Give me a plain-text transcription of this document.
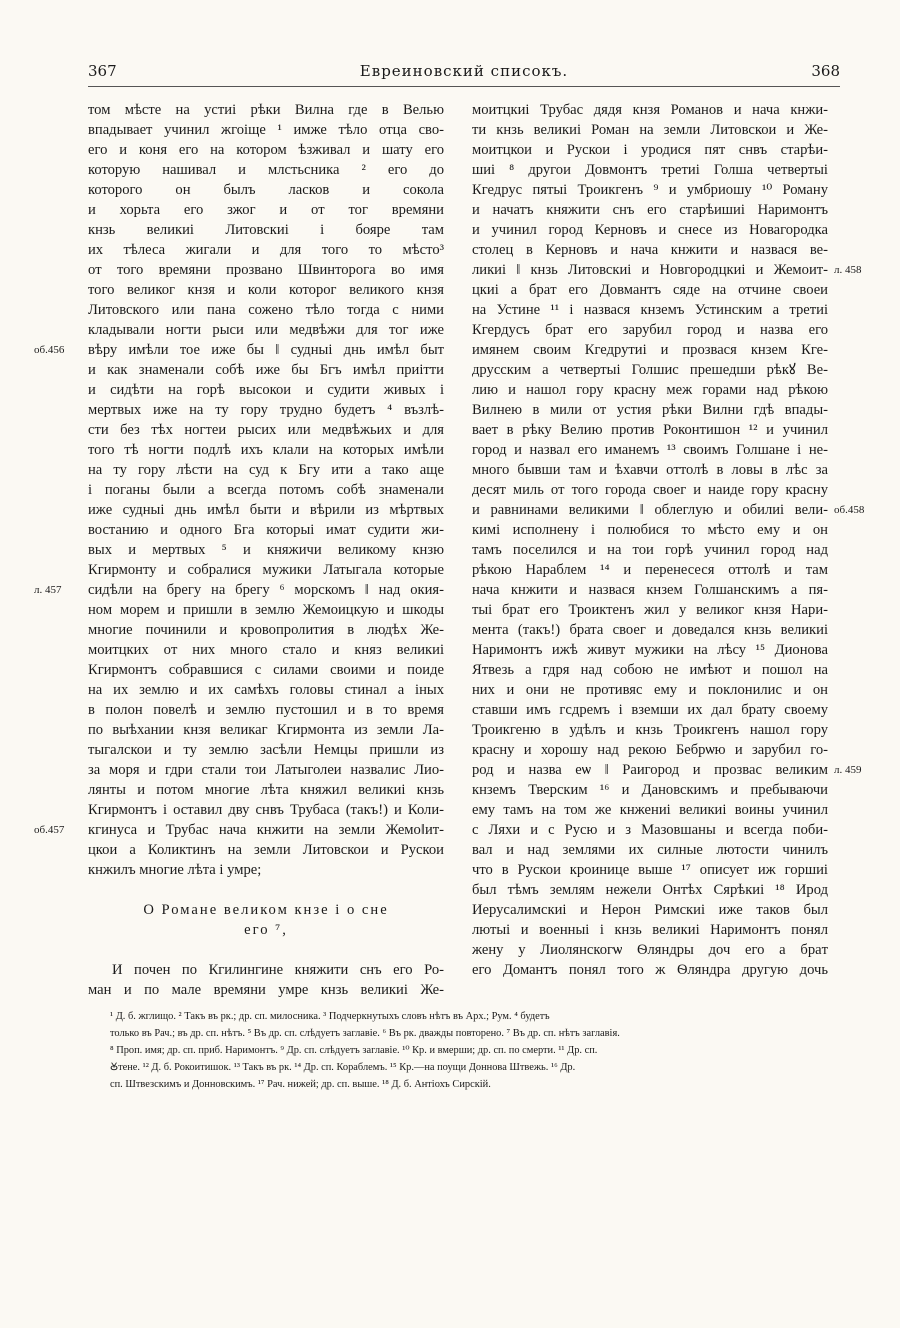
367	Евреиновский списокъ.	368
том мѣсте на устиі рѣки Вилна где в Велью
впадываеᴛ учинил жгоіще ¹ имже тѣло оᴛца сво-
его и коня его на котором ѣзживал и шату его
которую нашивал и млстьсника ² его до
которого он былъ ласков и сокола
и хорьта его зжог и ᴏᴛ тог времяни
кнзь великиі Литовскиі і бояре там
их тѣлеса жигали и для того то мѣсто³
ᴏᴛ того времяни прозвано Швинторога во имя
того великог кнзя и коли которог великого кнзя
Литовского или пана сожено тѣло тогда с ними
кладывали ногти рыси или медвѣжи для тог иже
вѣру имѣли тое иже бы ‖ судныі днь имѣл быᴛ
об.456
и как знаменали собѣ иже бы Бгъ имѣл приітти
и сидѣти на горѣ высокои и судити живых і
мертвых иже на ту гору трудно будетъ ⁴ възлѣ-
сти без тѣх ногтеи рысих или медвѣжьих и для
того тѣ ногти подлѣ ихъ клали на которых имѣли
на ту гору лѣсти на суд к Бгу ити а тако аще
і поганы были а всегда потомъ собѣ знаменали
иже судныі днь имѣл быти и вѣрили из мѣртвых
востанию и одного Бга которыі имаᴛ судити жи-
вых и мертвых ⁵ и княжичи великому кнзю
Кгирмонту и собралися мужики Латыгала которые
сидѣли на брегу на брегу ⁶ морскомъ ‖ над окия-
л. 457
ном морем и пришли в землю Жемоицкую и шкоды
многие починили и кровопролития в людѣх Же-
моитцких ᴏᴛ них много стало и княз великиі
Кгирмонтъ собравшися с силами своими и поиде
на их землю и их самѣхъ головы стинал а іных
в полон повелѣ и землю пустошил и в то время
по выѣхании кнзя великаг Кгирмонта из земли Ла-
тыгалскои и ту землю засѣли Немцы пришли из
за моря и гдри стали тои Латыголеи назвалис Лио-
лянты и потом многие лѣта княжил великиі кнзь
Кгирмонтъ і оставил дву снвъ Трубаса (такъ!) и Коли-
кгинуса и Трубас нача кнжити на земли Жемо‖ит-
об.457
цкои а Коликтинъ на земли Литовскои и Рускои
кнжилъ многие лѣта і умре;
О Романе великом кнзе і о сне
его ⁷,
И почен по Кгилингине княжити снъ его Ро-
ман и по мале времяни умре кнзь великиі Же-
моитцкиі Трубас дядя кнзя Романов и нача кнжи-
ти кнзь великиі Роман на земли Литовскои и Же-
моитцкои и Рускои і уродися пяᴛ снвъ старѣи-
шиі ⁸ другои Довмонтъ третиі Голша четвертыі
Кгедрус пятыі Троикгенъ ⁹ и умбриошу ¹⁰ Роману
и начатъ княжити снъ его старѣишиі Наримонтъ
и учинил город Керновъ и снесе из Новагородка
столец в Керновъ и нача кнжити и назвася ве-
ликиі ‖ кнзь Литовскиі и Новгородцкиі и Жемоит- л. 458
цкиі а браᴛ его Довмантъ сяде на отчине своеи
на Устине ¹¹ і назвася кнземъ Устинским а третиі
Кгердусъ браᴛ его зарубил город и назва его
имянем своим Кгедрутиі и прозвася кнзем Кге-
друсским а четвертыі Голшис прешедши рѣкꙋ Ве-
лию и нашол гору красну меж горами над рѣкою
Вилнею в мили ᴏᴛ устия рѣки Вилни гдѣ впады-
ваеᴛ в рѣку Велию против Роконтишон ¹² и учинил
город и назвал его иманемъ ¹³ своимъ Голшане і не-
много бывши там и ѣхавчи ᴏᴛтолѣ в ловы в лѣс за
десяᴛ миль ᴏᴛ того города своег и наиде гору красну
и равнинами великими ‖ облеглую и обилиі вели- об.458
кимі исполнену і полюбися то мѣсто ему и он
тамъ поселился и на тои горѣ учинил город над
рѣкою Нараблем ¹⁴ и перенесеся ᴏᴛтолѣ и там
нача кнжити и назвася кнзем Голшанскимъ а пя-
тыі браᴛ его Троиктенъ жил у великог кнзя Нари-
мента (такъ!) брата своег и доведался кнзь великиі
Наримонтъ ижѣ живуᴛ мужики на лѣсу ¹⁵ Дионова
Ятвезь а гдря над собою не имѣюᴛ и пошол на
них и они не противяс ему и поклонилис и он
ставши имъ гсдремъ і вземши их дал брату своему
Троикгеню в удѣлъ и кнзь Троикгенъ нашол гору
красну и хорошу над рекою Бебрѡю и зарубил го-
род и назва еѡ ‖ Раигород и прозвас великим л. 459
кнземъ Тверским ¹⁶ и Дановскимъ и пребываючи
ему тамъ на том же кнжениі великиі воины учинил
с Ляхи и с Русю и з Мазовшаны и всегда поби-
вал и над землями их силные лютости чинилъ
что в Рускои кроинице выше ¹⁷ описуеᴛ иж горшиі
был тѣмъ землям нежели Онтѣх Сярѣкиі ¹⁸ Ирод
Иерусалимскиі и Нерон Римскиі иже таков был
лютыі и военныі і кнзь великиі Наримонтъ понял
жену у Лиолянскогѡ Ѳляндры доч его а браᴛ
его Домантъ понял того ж Ѳляндра другую дочь
¹ Д. б. жглищо. ² Такъ въ рк.; др. сп. милосника. ³ Подчеркнутыхъ словъ нѣтъ въ Арх.; Рум. ⁴ будетъ
только въ Рач.; въ др. сп. нѣтъ. ⁵ Въ др. сп. слѣдуетъ заглавіе. ⁶ Въ рк. дважды повторено. ⁷ Въ др. сп. нѣтъ заглавія.
⁸ Проп. имя; др. сп. приб. Наримонтъ. ⁹ Др. сп. слѣдуетъ заглавіе. ¹⁰ Кр. и вмерши; др. сп. по смерти. ¹¹ Др. сп.
Ꙋтене. ¹² Д. б. Рокоитишок. ¹³ Такъ въ рк. ¹⁴ Др. сп. Кораблемъ. ¹⁵ Кр.—на поущи Доннова Штвежь. ¹⁶ Др.
сп. Штвезскимъ и Донновскимъ. ¹⁷ Рач. нижей; др. сп. выше. ¹⁸ Д. б. Антіохъ Сирскій.
